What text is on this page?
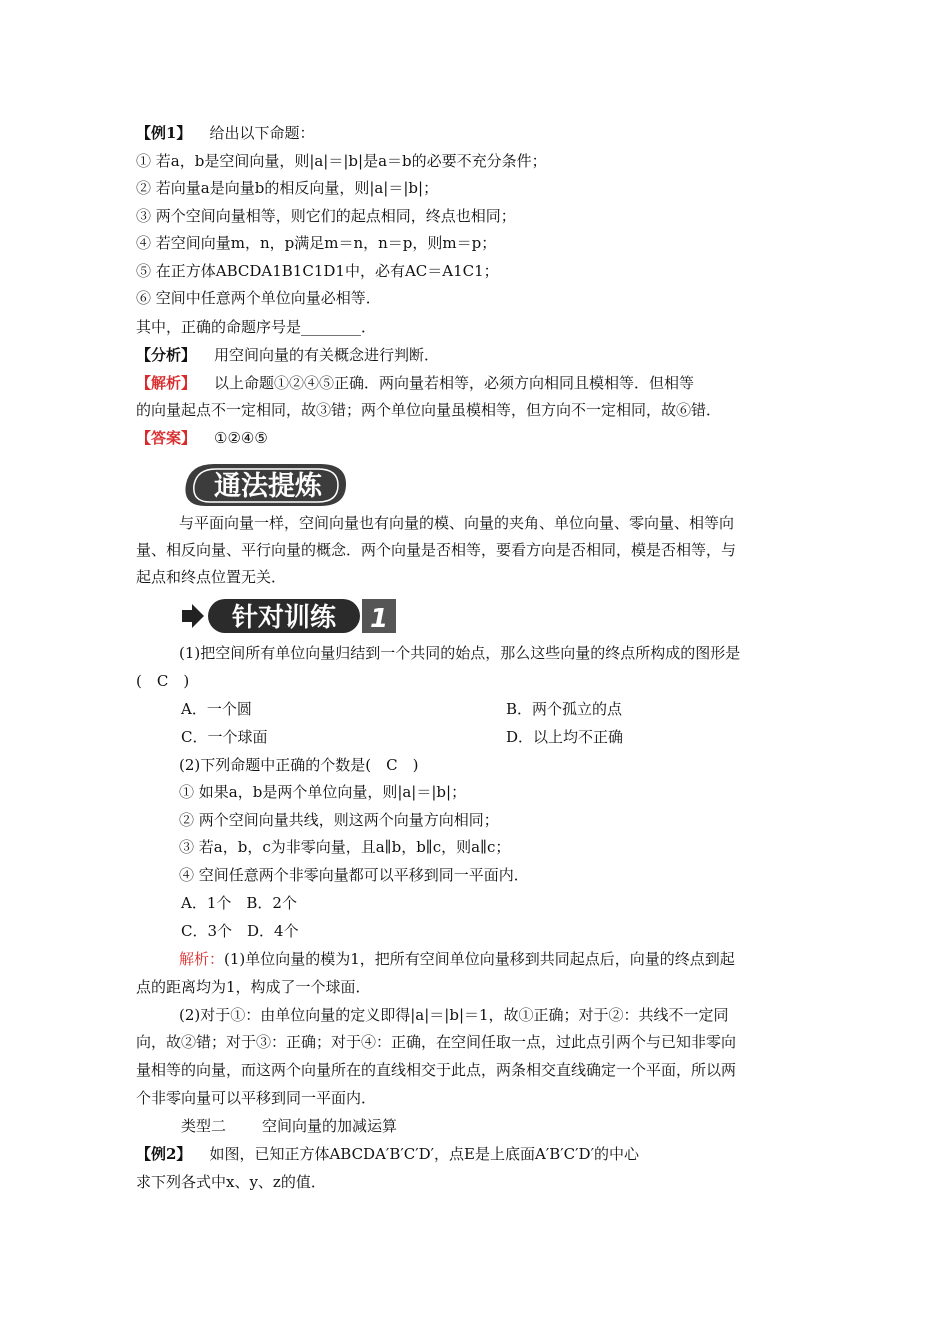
【例1】 给出以下命题：
① 若a，b是空间向量，则|a|＝|b|是a＝b的必要不充分条件；
② 若向量a是向量b的相反向量，则|a|＝|b|；
③ 两个空间向量相等，则它们的起点相同，终点也相同；
④ 若空间向量m，n，p满足m＝n，n＝p，则m＝p；
⑤ 在正方体ABCDA1B1C1D1中，必有AC＝A1C1；
⑥ 空间中任意两个单位向量必相等．
其中，正确的命题序号是________．
【分析】 用空间向量的有关概念进行判断．
【解析】 以上命题①②④⑤正确．两向量若相等，必须方向相同且模相等．但相等
的向量起点不一定相同，故③错；两个单位向量虽模相等，但方向不一定相同，故⑥错．
【答案】 ①②④⑤
通法提炼
与平面向量一样，空间向量也有向量的模、向量的夹角、单位向量、零向量、相等向
量、相反向量、平行向量的概念．两个向量是否相等，要看方向是否相同，模是否相等，与
起点和终点位置无关．
针对训练 1
(1)把空间所有单位向量归结到一个共同的始点，那么这些向量的终点所构成的图形是
(　C　)
A．一个圆	B．两个孤立的点
C．一个球面	D．以上均不正确
(2)下列命题中正确的个数是(　C　)
① 如果a，b是两个单位向量，则|a|＝|b|；
② 两个空间向量共线，则这两个向量方向相同；
③ 若a，b，c为非零向量，且a∥b，b∥c，则a∥c；
④ 空间任意两个非零向量都可以平移到同一平面内．
A．1个　B．2个
C．3个　D．4个
解析：(1)单位向量的模为1，把所有空间单位向量移到共同起点后，向量的终点到起
点的距离均为1，构成了一个球面．
(2)对于①：由单位向量的定义即得|a|＝|b|＝1，故①正确；对于②：共线不一定同
向，故②错；对于③：正确；对于④：正确，在空间任取一点，过此点引两个与已知非零向
量相等的向量，而这两个向量所在的直线相交于此点，两条相交直线确定一个平面，所以两
个非零向量可以平移到同一平面内．
类型二 空间向量的加减运算
【例2】 如图，已知正方体ABCDA′B′C′D′，点E是上底面A′B′C′D′的中心
求下列各式中x、y、z的值．
